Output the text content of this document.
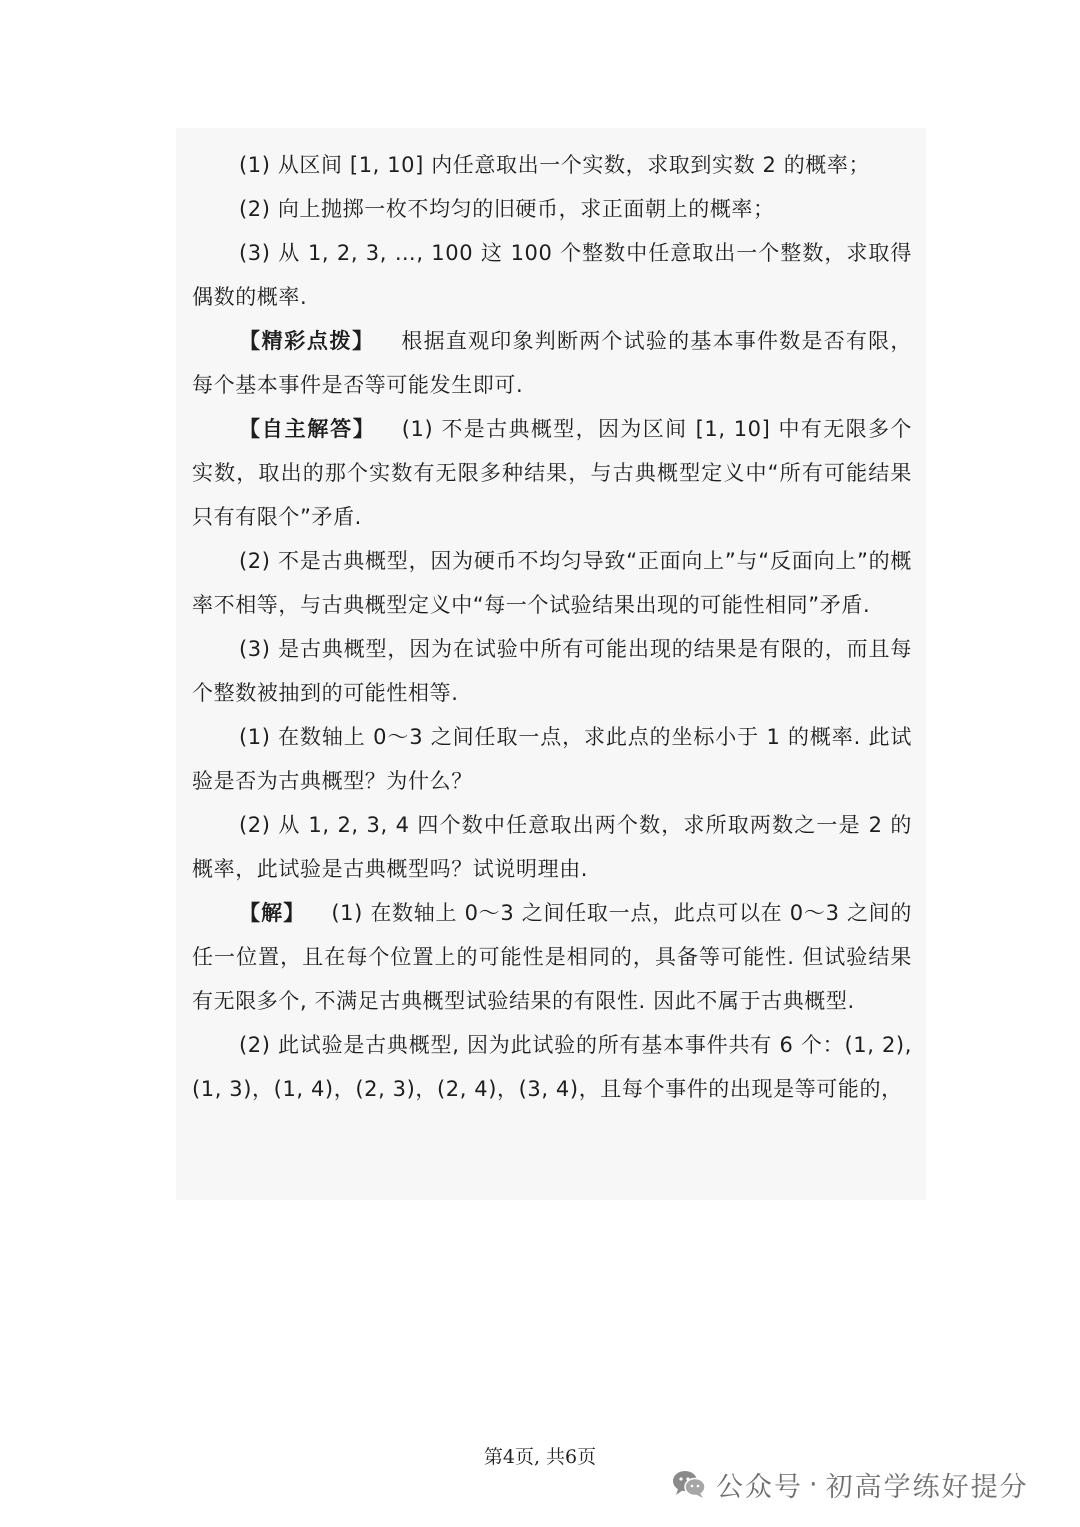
(1) 从区间 [1, 10] 内任意取出一个实数，求取到实数 2 的概率；

(2) 向上抛掷一枚不均匀的旧硬币，求正面朝上的概率；

(3) 从 1, 2, 3, …, 100 这 100 个整数中任意取出一个整数，求取得偶数的概率.

【精彩点拨】 根据直观印象判断两个试验的基本事件数是否有限，每个基本事件是否等可能发生即可.

【自主解答】 (1) 不是古典概型，因为区间 [1, 10] 中有无限多个实数，取出的那个实数有无限多种结果，与古典概型定义中“所有可能结果只有有限个”矛盾.

(2) 不是古典概型，因为硬币不均匀导致“正面向上”与“反面向上”的概率不相等，与古典概型定义中“每一个试验结果出现的可能性相同”矛盾.

(3) 是古典概型，因为在试验中所有可能出现的结果是有限的，而且每个整数被抽到的可能性相等.

(1) 在数轴上 0～3 之间任取一点，求此点的坐标小于 1 的概率. 此试验是否为古典概型？为什么？

(2) 从 1, 2, 3, 4 四个数中任意取出两个数，求所取两数之一是 2 的概率，此试验是古典概型吗？试说明理由.

【解】 (1) 在数轴上 0～3 之间任取一点，此点可以在 0～3 之间的任一位置，且在每个位置上的可能性是相同的，具备等可能性. 但试验结果有无限多个, 不满足古典概型试验结果的有限性. 因此不属于古典概型.

(2) 此试验是古典概型, 因为此试验的所有基本事件共有 6 个：(1, 2), (1, 3)，(1, 4)，(2, 3)，(2, 4)，(3, 4)，且每个事件的出现是等可能的，

第4页, 共6页
公众号 · 初高学练好提分
